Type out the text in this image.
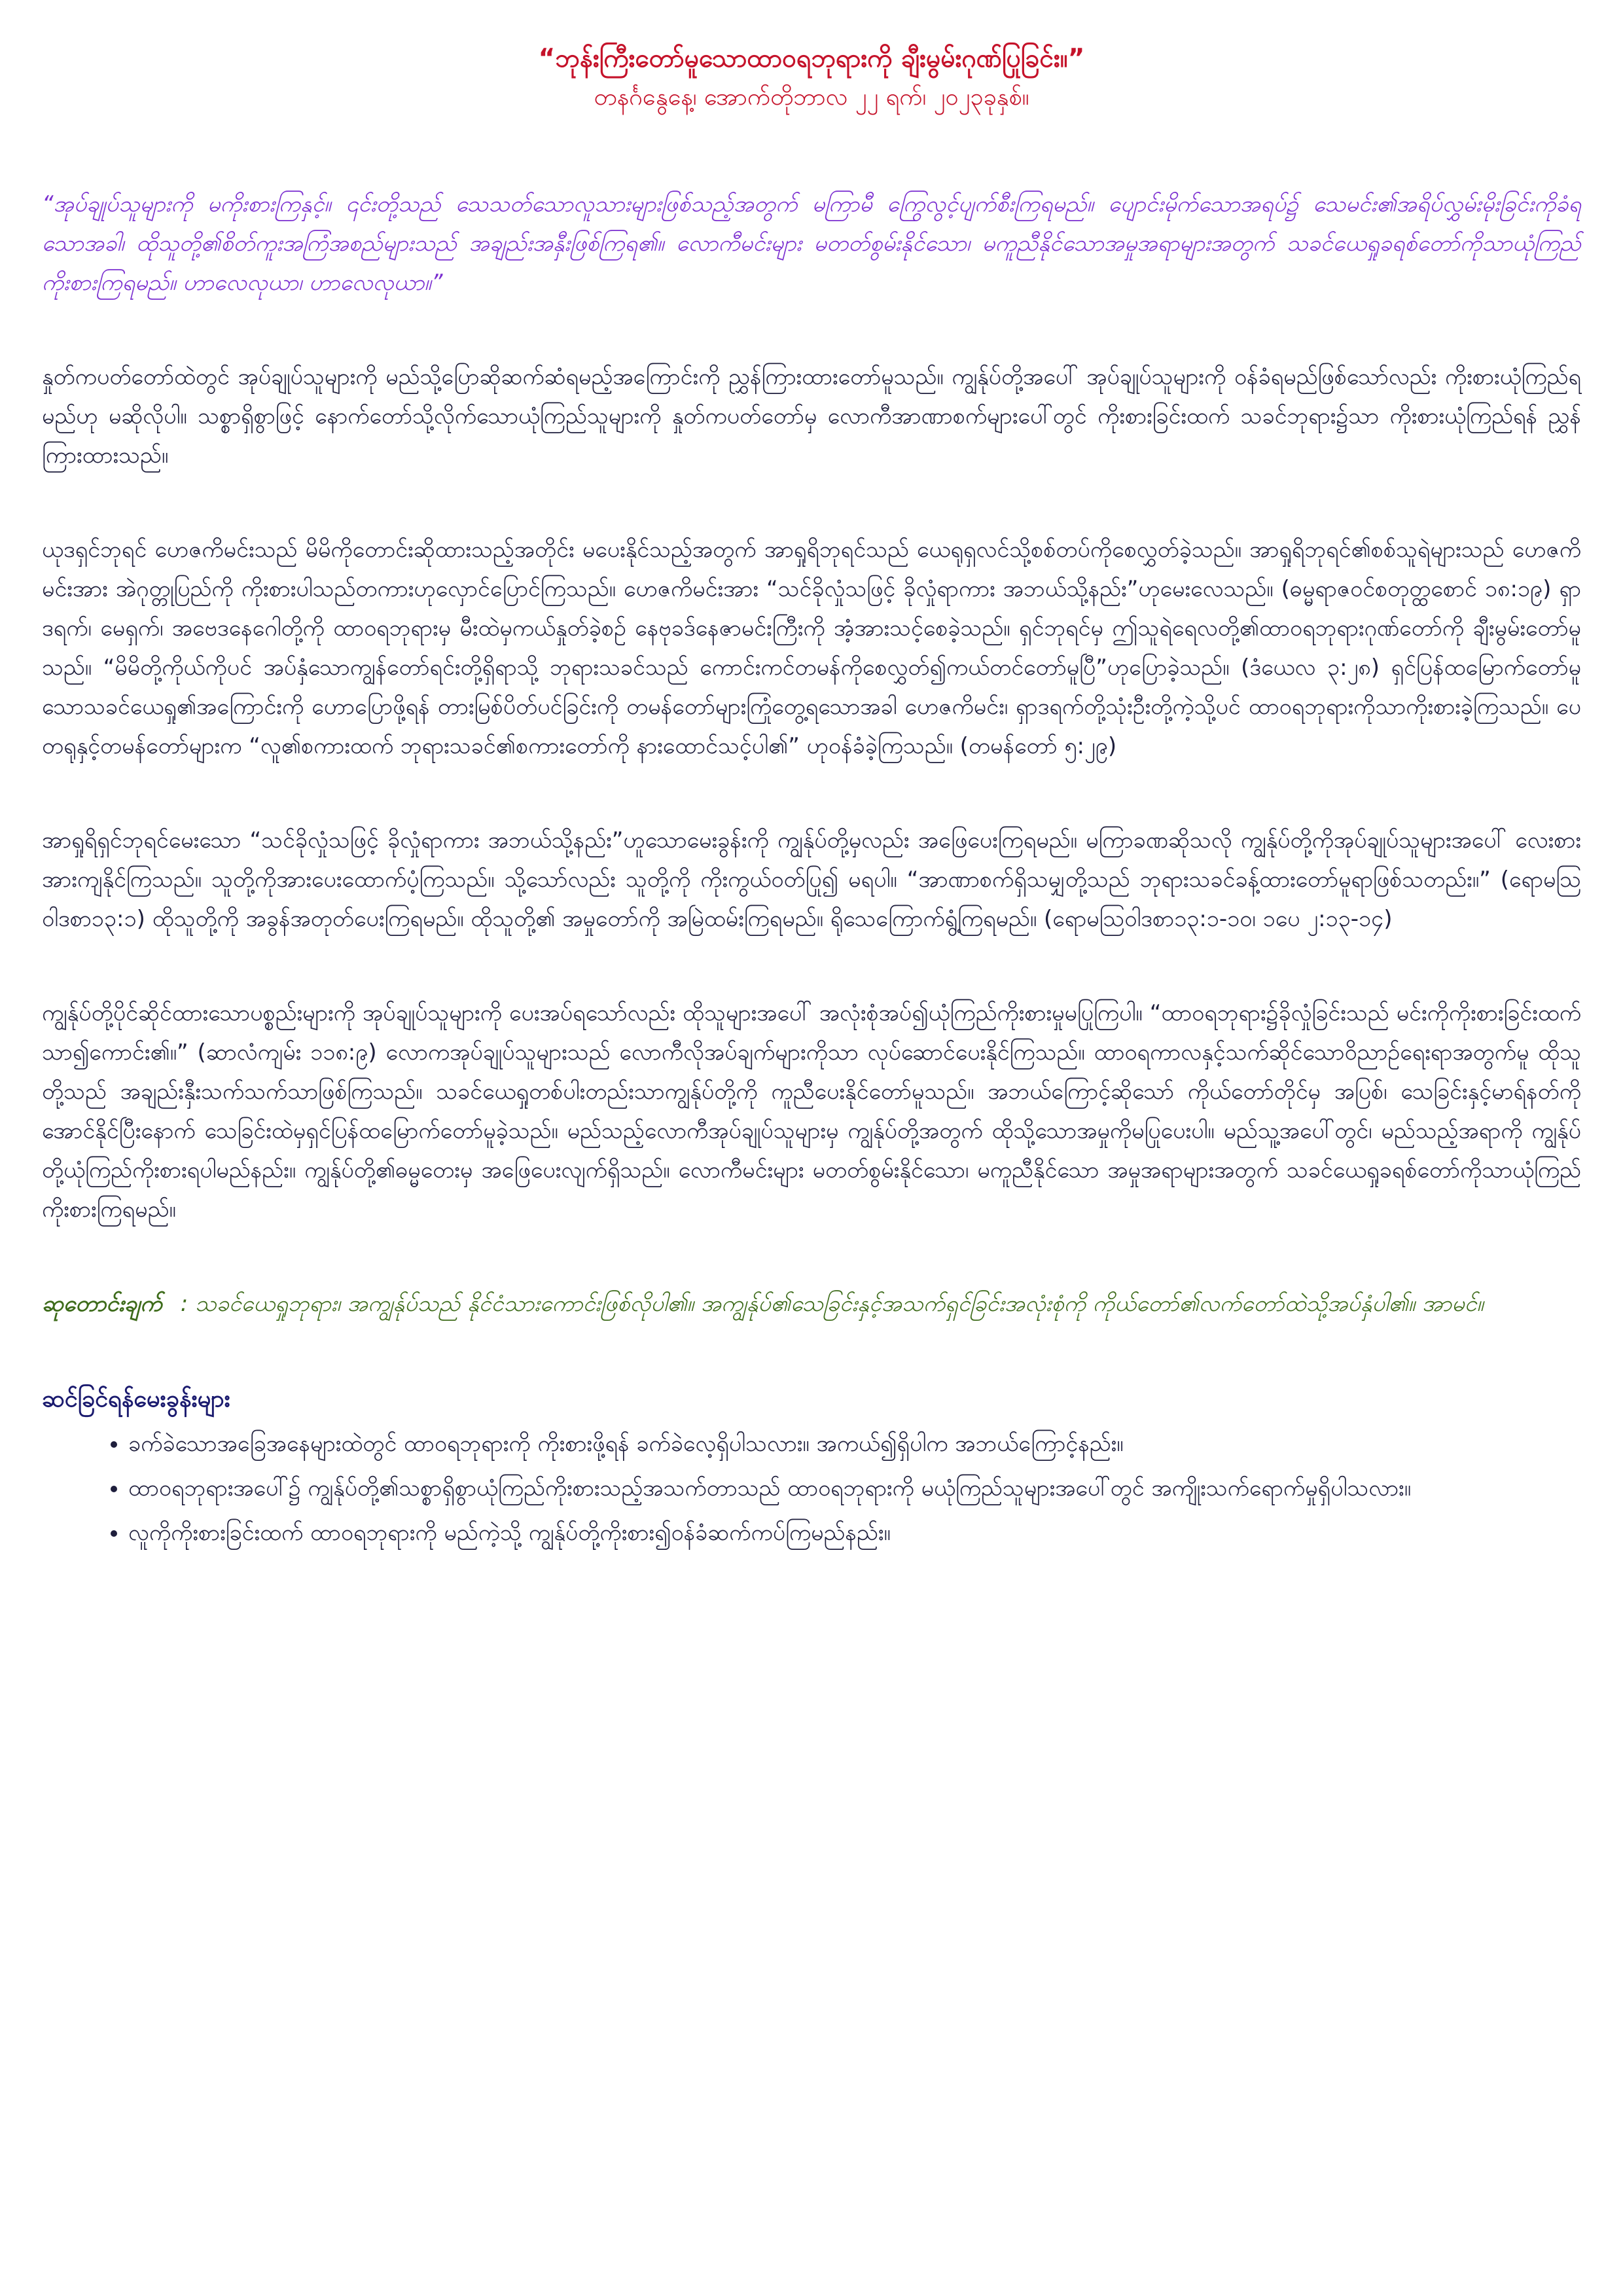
“ဘုန်းကြီးတော်မူသောထာဝရဘုရားကို ချီးမွမ်းဂုဏ်ပြုခြင်း။”

တနင်္ဂနွေနေ့၊ အောက်တိုဘာလ ၂၂ ရက်၊ ၂၀၂၃ခုနှစ်။

“အုပ်ချုပ်သူများကို မကိုးစားကြနှင့်။ ၎င်းတို့သည် သေသတ်သောလူသားများဖြစ်သည့်အတွက် မကြာမီ ကြွေလွင့်ပျက်စီးကြရမည်။ ပျောင်းမိုက်သောအရပ်၌ သေမင်း၏အရိပ်လွှမ်းမိုးခြင်းကိုခံရသောအခါ၊ ထိုသူတို့၏စိတ်ကူးအကြံအစည်များသည် အချည်းအနှီးဖြစ်ကြရ၏။ လောကီမင်းများ မတတ်စွမ်းနိုင်သော၊ မကူညီနိုင်သောအမှုအရာများအတွက် သခင်ယေရှုခရစ်တော်ကိုသာယုံကြည်ကိုးစားကြရမည်။ ဟာလေလုယာ၊ ဟာလေလုယာ။”

နှုတ်ကပတ်တော်ထဲတွင် အုပ်ချုပ်သူများကို မည်သို့ပြောဆိုဆက်ဆံရမည့်အကြောင်းကို ညွှန်ကြားထားတော်မူသည်။ ကျွန်ုပ်တို့အပေါ် အုပ်ချုပ်သူများကို ဝန်ခံရမည်ဖြစ်သော်လည်း ကိုးစားယုံကြည်ရမည်ဟု မဆိုလိုပါ။ သစ္စာရှိစွာဖြင့် နောက်တော်သို့လိုက်သောယုံကြည်သူများကို နှုတ်ကပတ်တော်မှ လောကီအာဏာစက်များပေါ်တွင် ကိုးစားခြင်းထက် သခင်ဘုရား၌သာ ကိုးစားယုံကြည်ရန် ညွှန်ကြားထားသည်။

ယုဒရှင်ဘုရင် ဟေဇကိမင်းသည် မိမိကိုတောင်းဆိုထားသည့်အတိုင်း မပေးနိုင်သည့်အတွက် အာရှုရိဘုရင်သည် ယေရုရှလင်သို့စစ်တပ်ကိုစေလွှတ်ခဲ့သည်။ အာရှုရိဘုရင်၏စစ်သူရဲများသည် ဟေဇကိမင်းအား အဲဂုတ္တုပြည်ကို ကိုးစားပါသည်တကားဟုလှောင်ပြောင်ကြသည်။ ဟေဇကိမင်းအား “သင်ခိုလှုံသဖြင့် ခိုလှုံရာကား အဘယ်သို့နည်း”ဟုမေးလေသည်။ (ဓမ္မရာဇဝင်စတုတ္ထစောင် ၁၈:၁၉) ရှာဒရက်၊ မေရှက်၊ အဗေဒနေဂေါတို့ကို ထာဝရဘုရားမှ မီးထဲမှကယ်နှုတ်ခဲ့စဉ် နေဗုခဒ်နေဇာမင်းကြီးကို အံ့အားသင့်စေခဲ့သည်။ ရှင်ဘုရင်မှ ဤသူရဲရေလတို့၏ထာဝရဘုရားဂုဏ်တော်ကို ချီးမွမ်းတော်မူသည်။ “မိမိတို့ကိုယ်ကိုပင် အပ်နှံသောကျွန်တော်ရင်းတို့ရှိရာသို့ ဘုရားသခင်သည် ကောင်းကင်တမန်ကိုစေလွှတ်၍ကယ်တင်တော်မူပြီ”ဟုပြောခဲ့သည်။ (ဒံယေလ ၃:၂၈) ရှင်ပြန်ထမြောက်တော်မူသောသခင်ယေရှု၏အကြောင်းကို ဟောပြောဖို့ရန် တားမြစ်ပိတ်ပင်ခြင်းကို တမန်တော်များကြုံတွေ့ရသောအခါ ဟေဇကိမင်း၊ ရှာဒရက်တို့သုံးဦးတို့ကဲ့သို့ပင် ထာဝရဘုရားကိုသာကိုးစားခဲ့ကြသည်။ ပေတရုနှင့်တမန်တော်များက “လူ၏စကားထက် ဘုရားသခင်၏စကားတော်ကို နားထောင်သင့်ပါ၏” ဟုဝန်ခံခဲ့ကြသည်။ (တမန်တော် ၅:၂၉)

အာရှုရိရှင်ဘုရင်မေးသော “သင်ခိုလှုံသဖြင့် ခိုလှုံရာကား အဘယ်သို့နည်း”ဟူသောမေးခွန်းကို ကျွန်ုပ်တို့မှလည်း အဖြေပေးကြရမည်။ မကြာခဏဆိုသလို ကျွန်ုပ်တို့ကိုအုပ်ချုပ်သူများအပေါ် လေးစားအားကျနိုင်ကြသည်။ သူတို့ကိုအားပေးထောက်ပံ့ကြသည်။ သို့သော်လည်း သူတို့ကို ကိုးကွယ်ဝတ်ပြု၍ မရပါ။ “အာဏာစက်ရှိသမျှတို့သည် ဘုရားသခင်ခန့်ထားတော်မူရာဖြစ်သတည်း။” (ရောမသြဝါဒစာ၁၃:၁) ထိုသူတို့ကို အခွန်အတုတ်ပေးကြရမည်။ ထိုသူတို့၏ အမှုတော်ကို အမြဲထမ်းကြရမည်။ ရိုသေကြောက်ရွံ့ကြရမည်။ (ရောမသြဝါဒစာ၁၃:၁-၁၀၊ ၁ပေ ၂:၁၃-၁၄)

ကျွန်ုပ်တို့ပိုင်ဆိုင်ထားသောပစ္စည်းများကို အုပ်ချုပ်သူများကို ပေးအပ်ရသော်လည်း ထိုသူများအပေါ် အလုံးစုံအပ်၍ယုံကြည်ကိုးစားမှုမပြုကြပါ။ “ထာဝရဘုရား၌ခိုလှုံခြင်းသည် မင်းကိုကိုးစားခြင်းထက်သာ၍ကောင်း၏။” (ဆာလံကျမ်း ၁၁၈:၉) လောကအုပ်ချုပ်သူများသည် လောကီလိုအပ်ချက်များကိုသာ လုပ်ဆောင်ပေးနိုင်ကြသည်။ ထာဝရကာလနှင့်သက်ဆိုင်သောဝိညာဉ်ရေးရာအတွက်မူ ထိုသူတို့သည် အချည်းနှီးသက်သက်သာဖြစ်ကြသည်။ သခင်ယေရှုတစ်ပါးတည်းသာကျွန်ုပ်တို့ကို ကူညီပေးနိုင်တော်မူသည်။ အဘယ်ကြောင့်ဆိုသော် ကိုယ်တော်တိုင်မှ အပြစ်၊ သေခြင်းနှင့်မာရ်နတ်ကို အောင်နိုင်ပြီးနောက် သေခြင်းထဲမှရှင်ပြန်ထမြောက်တော်မူခဲ့သည်။ မည်သည့်လောကီအုပ်ချုပ်သူများမှ ကျွန်ုပ်တို့အတွက် ထိုသို့သောအမှုကိုမပြုပေးပါ။ မည်သူ့အပေါ်တွင်၊ မည်သည့်အရာကို ကျွန်ုပ်တို့ယုံကြည်ကိုးစားရပါမည်နည်း။ ကျွန်ုပ်တို့၏ဓမ္မတေးမှ အဖြေပေးလျက်ရှိသည်။ လောကီမင်းများ မတတ်စွမ်းနိုင်သော၊ မကူညီနိုင်သော အမှုအရာများအတွက် သခင်ယေရှုခရစ်တော်ကိုသာယုံကြည်ကိုးစားကြရမည်။

ဆုတောင်းချက် : သခင်ယေရှုဘုရား၊ အကျွန်ုပ်သည် နိုင်ငံသားကောင်းဖြစ်လိုပါ၏။ အကျွန်ုပ်၏သေခြင်းနှင့်အသက်ရှင်ခြင်းအလုံးစုံကို ကိုယ်တော်၏လက်တော်ထဲသို့အပ်နှံပါ၏။ အာမင်။

ဆင်ခြင်ရန်မေးခွန်းများ
• ခက်ခဲသောအခြေအနေများထဲတွင် ထာဝရဘုရားကို ကိုးစားဖို့ရန် ခက်ခဲလေ့ရှိပါသလား။ အကယ်၍ရှိပါက အဘယ်ကြောင့်နည်း။
• ထာဝရဘုရားအပေါ်၌ ကျွန်ုပ်တို့၏သစ္စာရှိစွာယုံကြည်ကိုးစားသည့်အသက်တာသည် ထာဝရဘုရားကို မယုံကြည်သူများအပေါ်တွင် အကျိုးသက်ရောက်မှုရှိပါသလား။
• လူကိုကိုးစားခြင်းထက် ထာဝရဘုရားကို မည်ကဲ့သို့ ကျွန်ုပ်တို့ကိုးစား၍ဝန်ခံဆက်ကပ်ကြမည်နည်း။
